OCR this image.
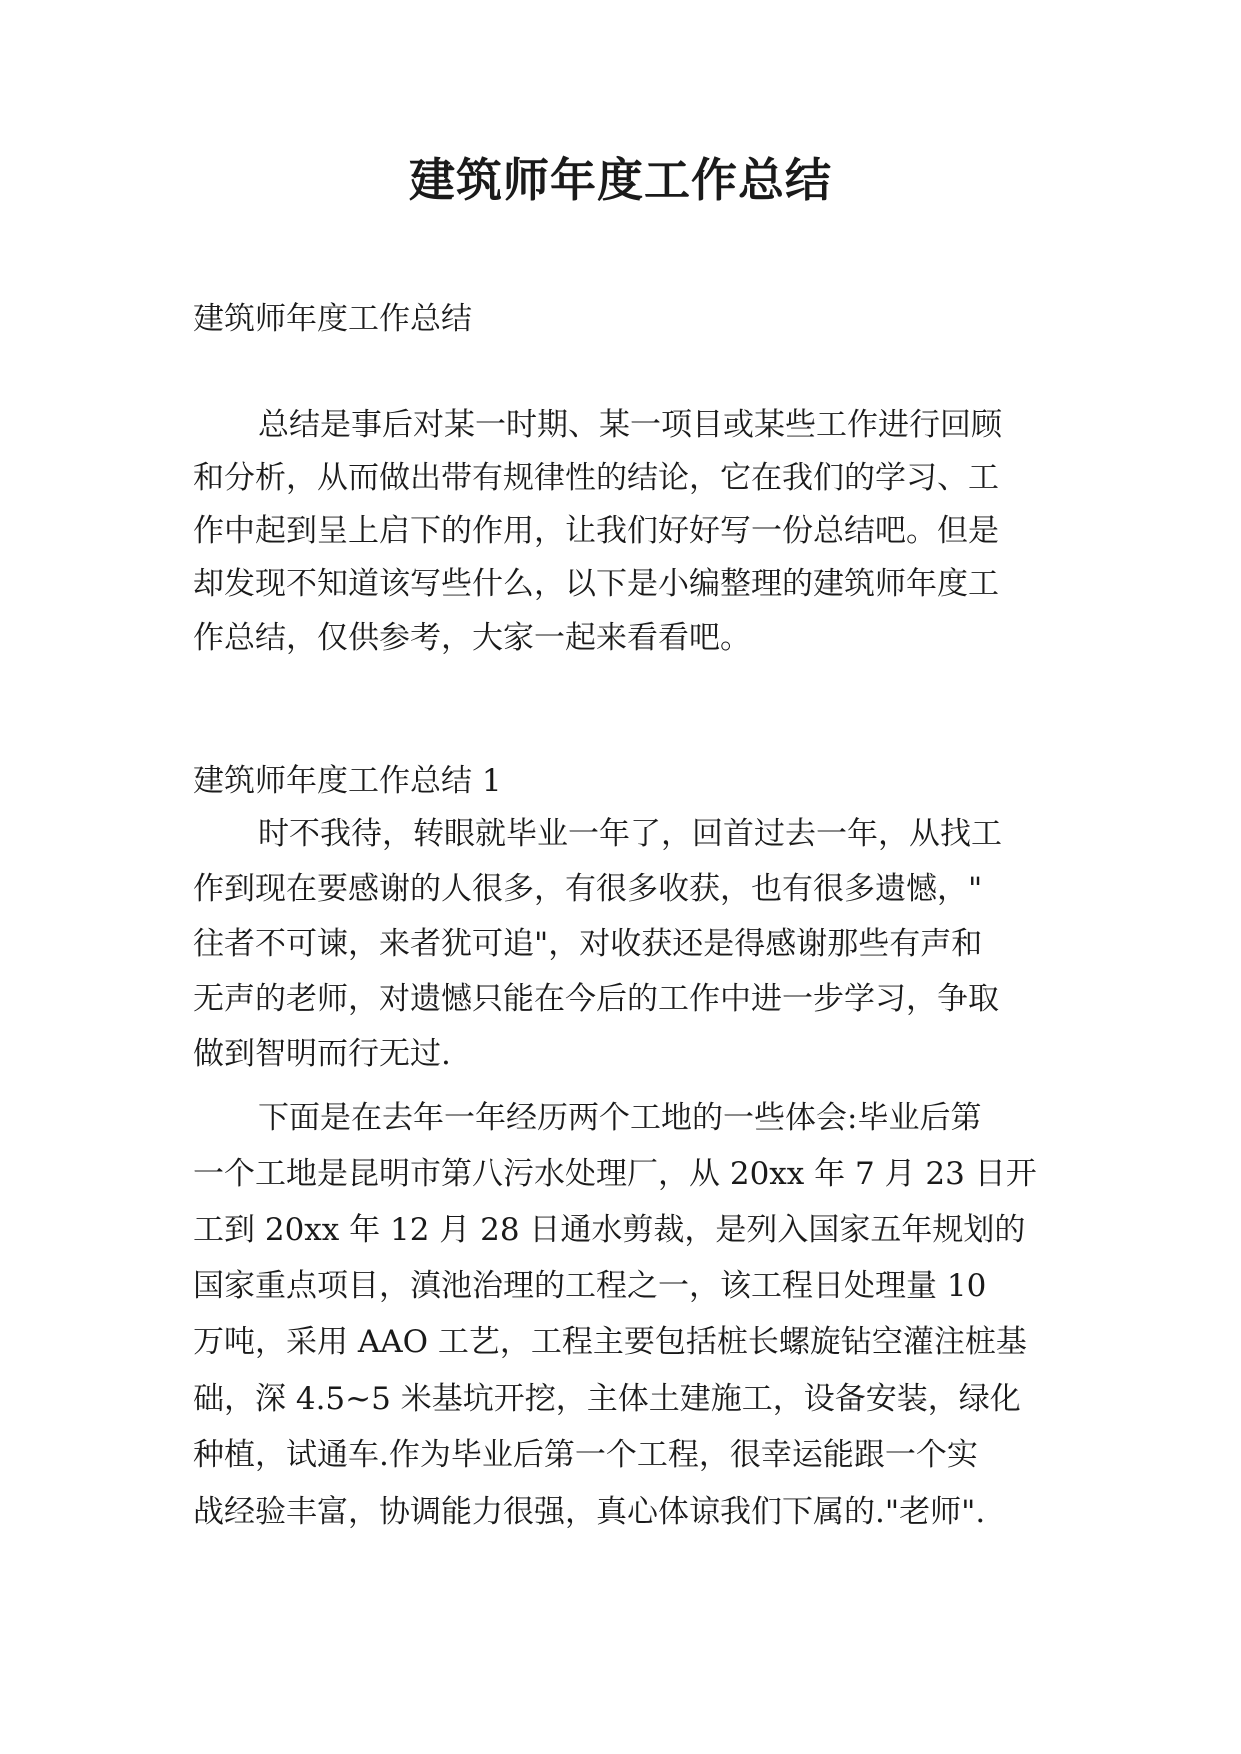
建筑师年度工作总结

建筑师年度工作总结

总结是事后对某一时期、某一项目或某些工作进行回顾

和分析，从而做出带有规律性的结论，它在我们的学习、工

作中起到呈上启下的作用，让我们好好写一份总结吧。但是

却发现不知道该写些什么，以下是小编整理的建筑师年度工

作总结，仅供参考，大家一起来看看吧。

建筑师年度工作总结 1

时不我待，转眼就毕业一年了，回首过去一年，从找工

作到现在要感谢的人很多，有很多收获，也有很多遗憾，"

往者不可谏，来者犹可追"，对收获还是得感谢那些有声和

无声的老师，对遗憾只能在今后的工作中进一步学习，争取

做到智明而行无过.

下面是在去年一年经历两个工地的一些体会:毕业后第

一个工地是昆明市第八污水处理厂，从 20xx 年 7 月 23 日开

工到 20xx 年 12 月 28 日通水剪裁，是列入国家五年规划的

国家重点项目，滇池治理的工程之一，该工程日处理量 10

万吨，采用 AAO 工艺，工程主要包括桩长螺旋钻空灌注桩基

础，深 4.5~5 米基坑开挖，主体土建施工，设备安装，绿化

种植，试通车.作为毕业后第一个工程，很幸运能跟一个实

战经验丰富，协调能力很强，真心体谅我们下属的."老师".
